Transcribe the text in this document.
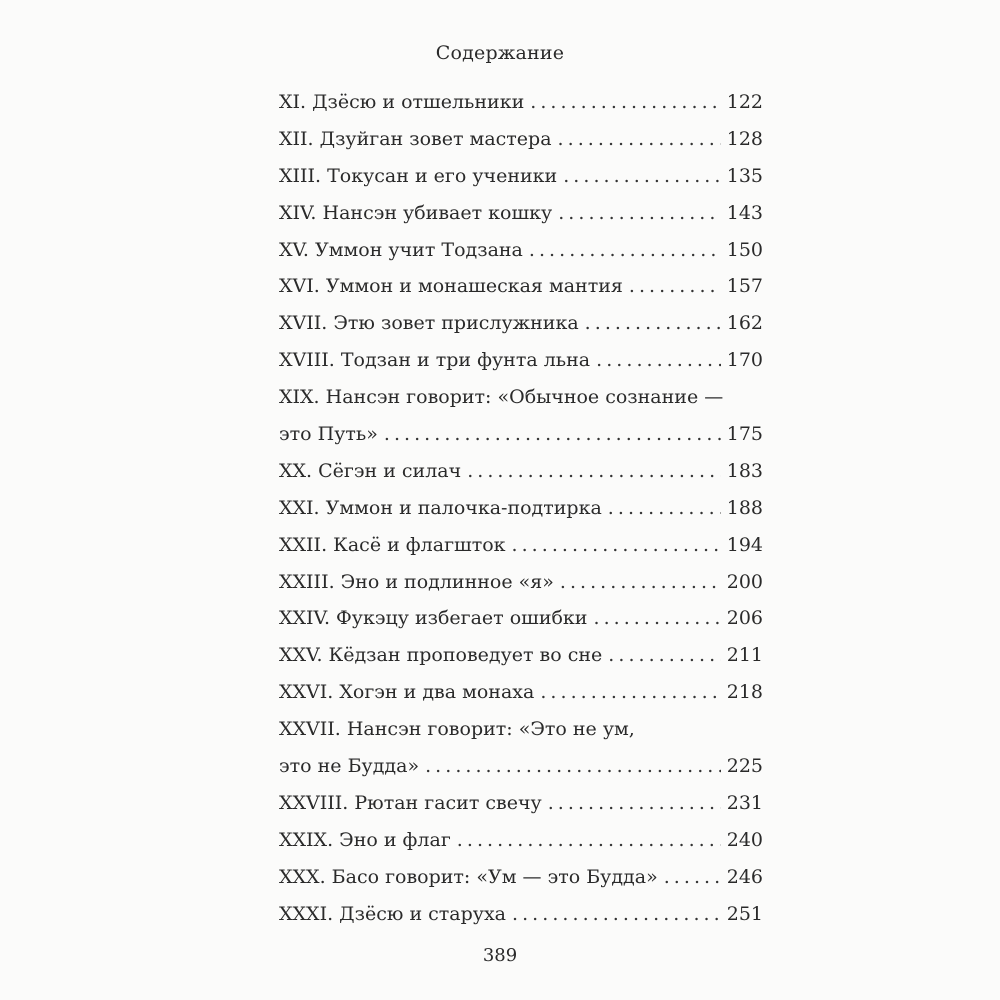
Содержание
XI. Дзёсю и отшельники . . .	122
XII. Дзуйган зовет мастера . . .	128
XIII. Токусан и его ученики . . .	135
XIV. Нансэн убивает кошку . . .	143
XV. Уммон учит Тодзана . . .	150
XVI. Уммон и монашеская мантия . . .	157
XVII. Этю зовет прислужника . . .	162
XVIII. Тодзан и три фунта льна . . .	170
XIX. Нансэн говорит: «Обычное сознание —
это Путь» . . .	175
XX. Сёгэн и силач . . .	183
XXI. Уммон и палочка-подтирка . . .	188
XXII. Касё и флагшток . . .	194
XXIII. Эно и подлинное «я» . . .	200
XXIV. Фукэцу избегает ошибки . . .	206
XXV. Кёдзан проповедует во сне . . .	211
XXVI. Хогэн и два монаха . . .	218
XXVII. Нансэн говорит: «Это не ум,
это не Будда» . . .	225
XXVIII. Рютан гасит свечу . . .	231
XXIX. Эно и флаг . . .	240
XXX. Басо говорит: «Ум — это Будда» . . .	246
XXXI. Дзёсю и старуха . . .	251
389
